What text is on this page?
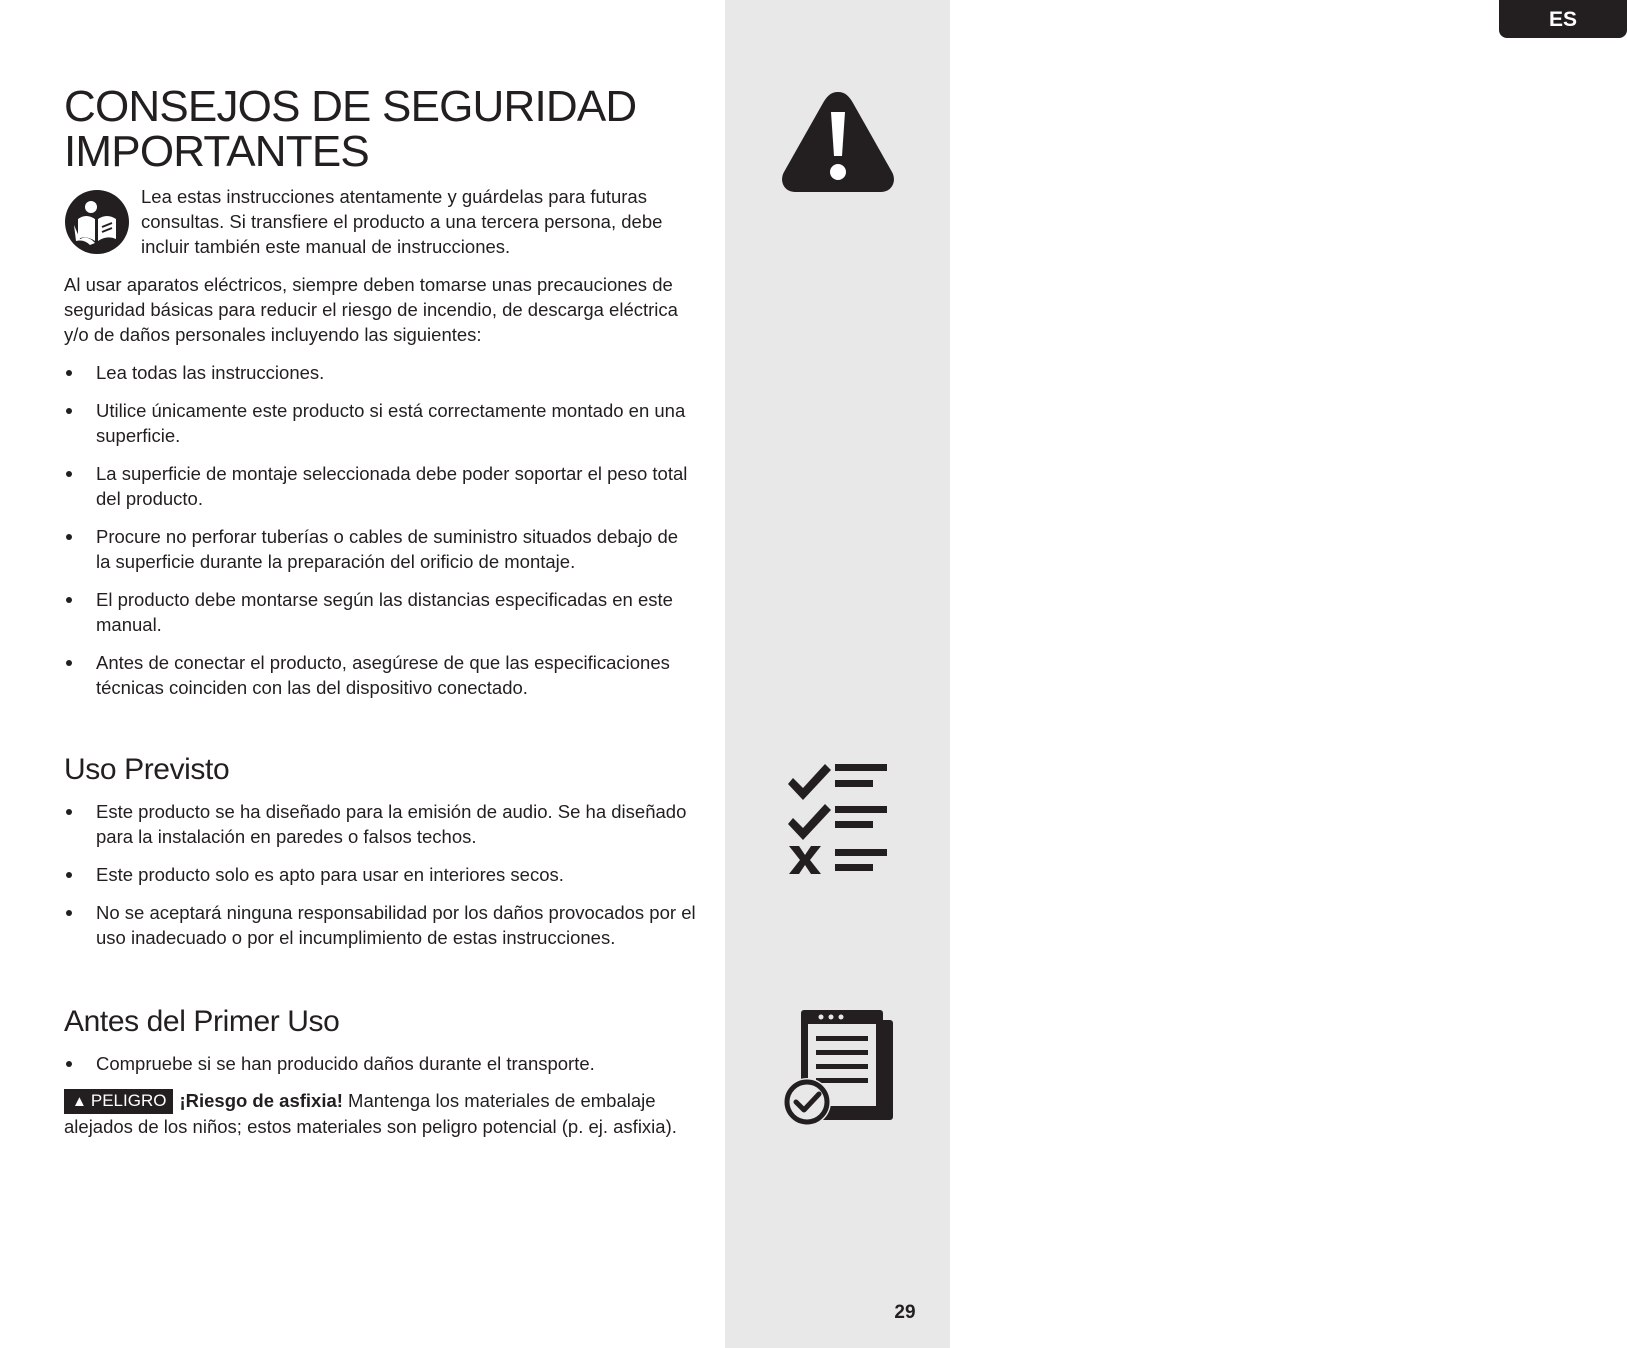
ES
29
CONSEJOS DE SEGURIDAD
IMPORTANTES

Lea estas instrucciones atentamente y guárdelas para futuras consultas. Si transfiere el producto a una tercera persona, debe incluir también este manual de instrucciones.

Al usar aparatos eléctricos, siempre deben tomarse unas precauciones de seguridad básicas para reducir el riesgo de incendio, de descarga eléctrica y/o de daños personales incluyendo las siguientes:

Lea todas las instrucciones.
Utilice únicamente este producto si está correctamente montado en una superficie.
La superficie de montaje seleccionada debe poder soportar el peso total del producto.
Procure no perforar tuberías o cables de suministro situados debajo de la superficie durante la preparación del orificio de montaje.
El producto debe montarse según las distancias especificadas en este manual.
Antes de conectar el producto, asegúrese de que las especificaciones técnicas coinciden con las del dispositivo conectado.
Uso Previsto
Este producto se ha diseñado para la emisión de audio. Se ha diseñado para la instalación en paredes o falsos techos.
Este producto solo es apto para usar en interiores secos.
No se aceptará ninguna responsabilidad por los daños provocados por el uso inadecuado o por el incumplimiento de estas instrucciones.
Antes del Primer Uso
Compruebe si se han producido daños durante el transporte.

▲ PELIGRO ¡Riesgo de asfixia! Mantenga los materiales de embalaje alejados de los niños; estos materiales son peligro potencial (p. ej. asfixia).
